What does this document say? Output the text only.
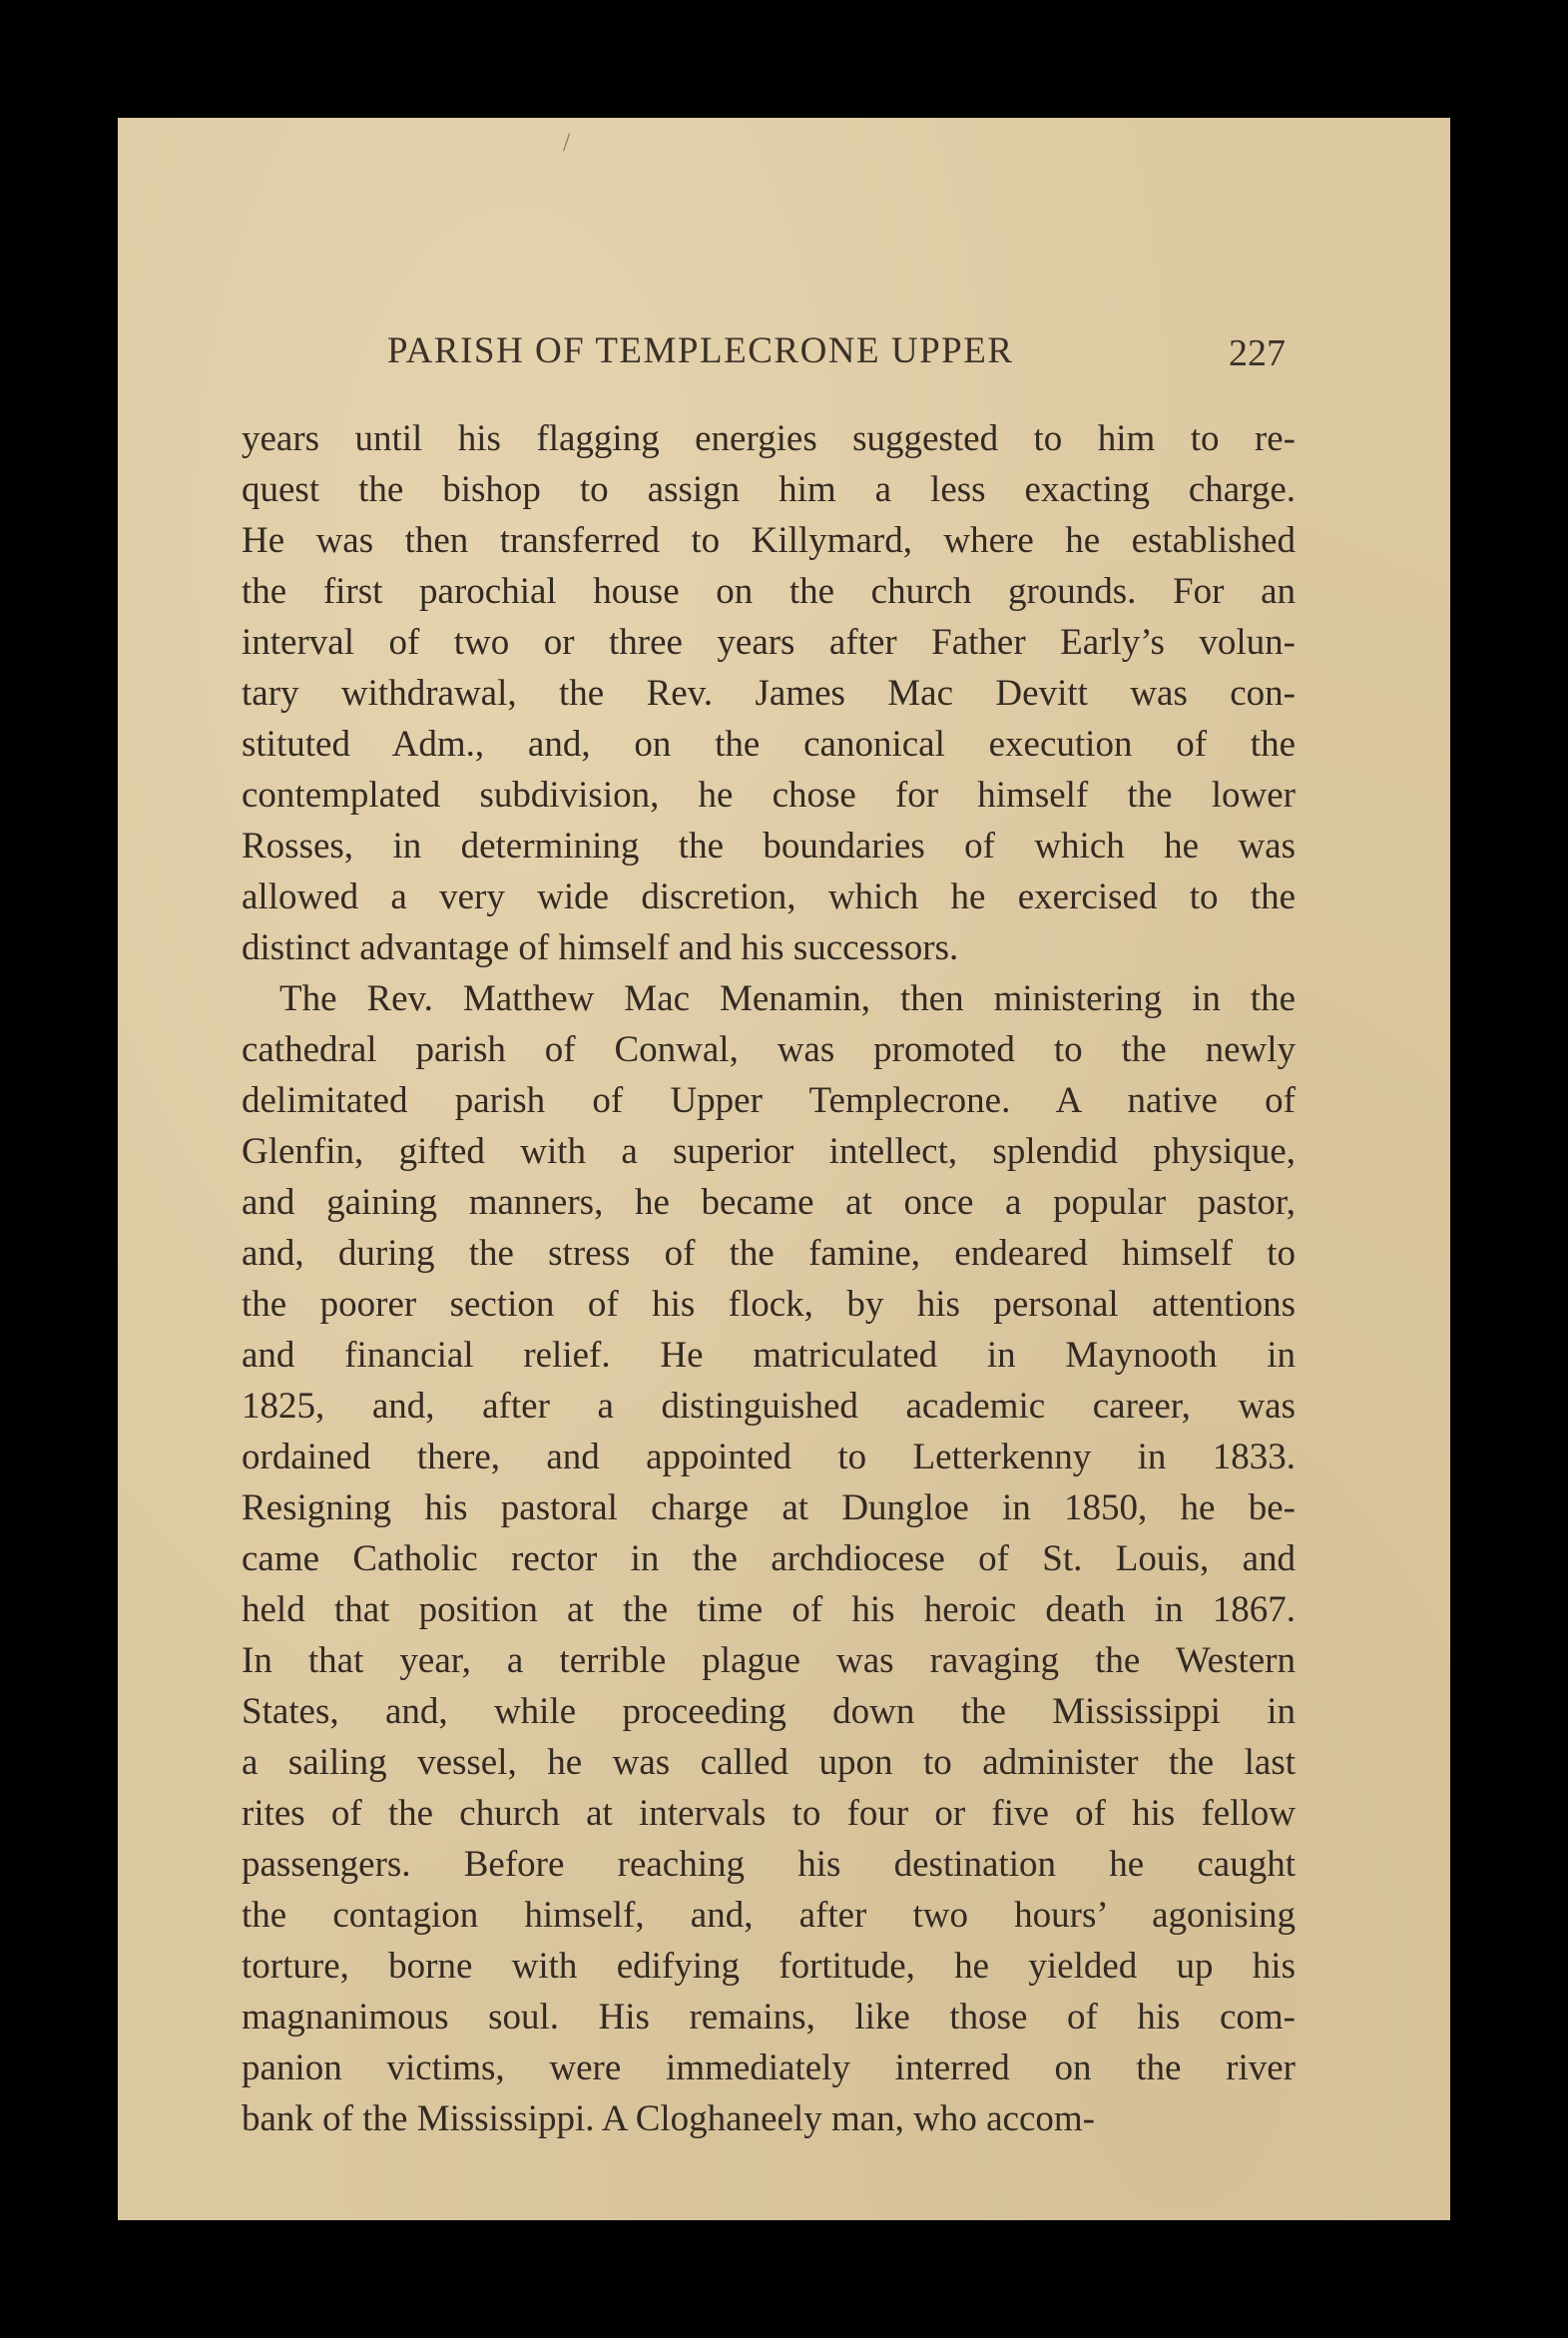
/
PARISH OF TEMPLECRONE UPPER	227
years until his flagging energies suggested to him to re-
quest the bishop to assign him a less exacting charge.
He was then transferred to Killymard, where he established
the first parochial house on the church grounds. For an
interval of two or three years after Father Early’s volun-
tary withdrawal, the Rev. James Mac Devitt was con-
stituted Adm., and, on the canonical execution of the
contemplated subdivision, he chose for himself the lower
Rosses, in determining the boundaries of which he was
allowed a very wide discretion, which he exercised to the
distinct advantage of himself and his successors.
The Rev. Matthew Mac Menamin, then ministering in the
cathedral parish of Conwal, was promoted to the newly
delimitated parish of Upper Templecrone. A native of
Glenfin, gifted with a superior intellect, splendid physique,
and gaining manners, he became at once a popular pastor,
and, during the stress of the famine, endeared himself to
the poorer section of his flock, by his personal attentions
and financial relief. He matriculated in Maynooth in
1825, and, after a distinguished academic career, was
ordained there, and appointed to Letterkenny in 1833.
Resigning his pastoral charge at Dungloe in 1850, he be-
came Catholic rector in the archdiocese of St. Louis, and
held that position at the time of his heroic death in 1867.
In that year, a terrible plague was ravaging the Western
States, and, while proceeding down the Mississippi in
a sailing vessel, he was called upon to administer the last
rites of the church at intervals to four or five of his fellow
passengers. Before reaching his destination he caught
the contagion himself, and, after two hours’ agonising
torture, borne with edifying fortitude, he yielded up his
magnanimous soul. His remains, like those of his com-
panion victims, were immediately interred on the river
bank of the Mississippi. A Cloghaneely man, who accom-
